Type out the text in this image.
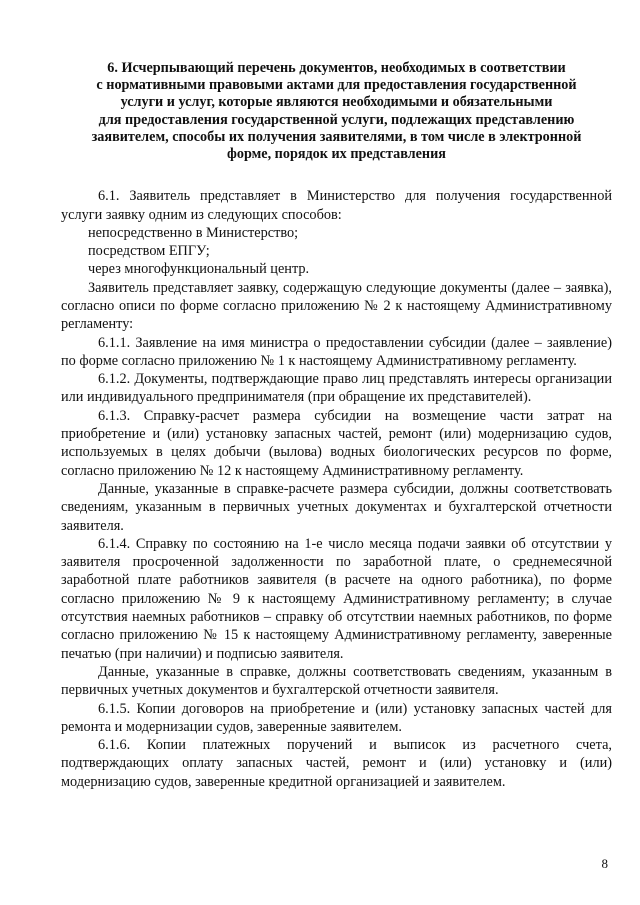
6. Исчерпывающий перечень документов, необходимых в соответствии
с нормативными правовыми актами для предоставления государственной
услуги и услуг, которые являются необходимыми и обязательными
для предоставления государственной услуги, подлежащих представлению
заявителем, способы их получения заявителями, в том числе в электронной
форме, порядок их представления

6.1. Заявитель представляет в Министерство для получения государственной услуги заявку одним из следующих способов:

непосредственно в Министерство;

посредством ЕПГУ;

через многофункциональный центр.

Заявитель представляет заявку, содержащую следующие документы (далее – заявка), согласно описи по форме согласно приложению № 2 к настоящему Административному регламенту:

6.1.1. Заявление на имя министра о предоставлении субсидии (далее – заявление) по форме согласно приложению № 1 к настоящему Административному регламенту.

6.1.2. Документы, подтверждающие право лиц представлять интересы организации или индивидуального предпринимателя (при обращение их представителей).

6.1.3. Справку-расчет размера субсидии на возмещение части затрат на приобретение и (или) установку запасных частей, ремонт (или) модернизацию судов, используемых в целях добычи (вылова) водных биологических ресурсов по форме, согласно приложению № 12 к настоящему Административному регламенту.

Данные, указанные в справке-расчете размера субсидии, должны соответствовать сведениям, указанным в первичных учетных документах и бухгалтерской отчетности заявителя.

6.1.4. Справку по состоянию на 1-е число месяца подачи заявки об отсутствии у заявителя просроченной задолженности по заработной плате, о среднемесячной заработной плате работников заявителя (в расчете на одного работника), по форме согласно приложению № 9 к настоящему Административному регламенту; в случае отсутствия наемных работников – справку об отсутствии наемных работников, по форме согласно приложению № 15 к настоящему Административному регламенту, заверенные печатью (при наличии) и подписью заявителя.

Данные, указанные в справке, должны соответствовать сведениям, указанным в первичных учетных документов и бухгалтерской отчетности заявителя.

6.1.5. Копии договоров на приобретение и (или) установку запасных частей для ремонта и модернизации судов, заверенные заявителем.

6.1.6. Копии платежных поручений и выписок из расчетного счета, подтверждающих оплату запасных частей, ремонт и (или) установку и (или) модернизацию судов, заверенные кредитной организацией и заявителем.

8
